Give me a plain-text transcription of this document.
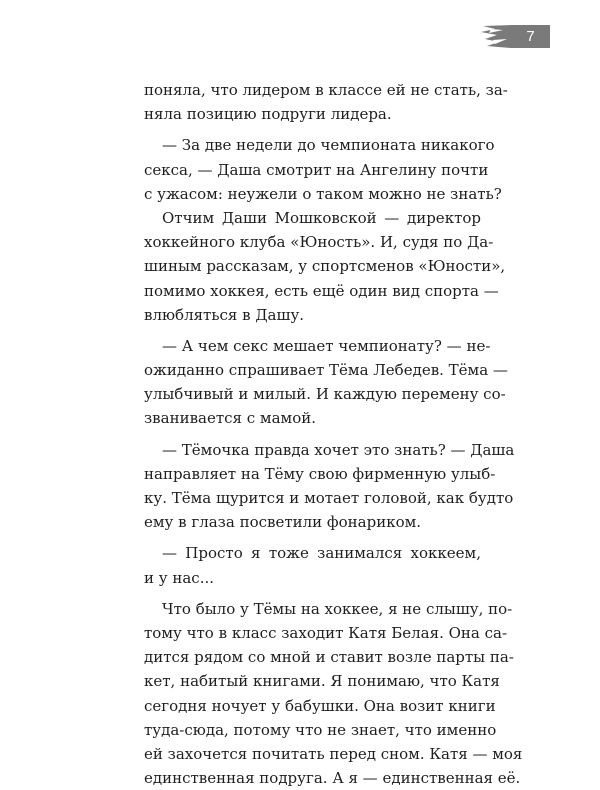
7
поняла, что лидером в классе ей не стать, за-
няла позицию подруги лидера.
— За две недели до чемпионата никакого
секса, — Даша смотрит на Ангелину почти
с ужасом: неужели о таком можно не знать?
Отчим Даши Мошковской — директор
хоккейного клуба «Юность». И, судя по Да-
шиным рассказам, у спортсменов «Юности»,
помимо хоккея, есть ещё один вид спорта —
влюбляться в Дашу.
— А чем секс мешает чемпионату? — не-
ожиданно спрашивает Тёма Лебедев. Тёма —
улыбчивый и милый. И каждую перемену со-
званивается с мамой.
— Тёмочка правда хочет это знать? — Даша
направляет на Тёму свою фирменную улыб-
ку. Тёма щурится и мотает головой, как будто
ему в глаза посветили фонариком.
— Просто я тоже занимался хоккеем,
и у нас...
Что было у Тёмы на хоккее, я не слышу, по-
тому что в класс заходит Катя Белая. Она са-
дится рядом со мной и ставит возле парты па-
кет, набитый книгами. Я понимаю, что Катя
сегодня ночует у бабушки. Она возит книги
туда-сюда, потому что не знает, что именно
ей захочется почитать перед сном. Катя — моя
единственная подруга. А я — единственная её.
